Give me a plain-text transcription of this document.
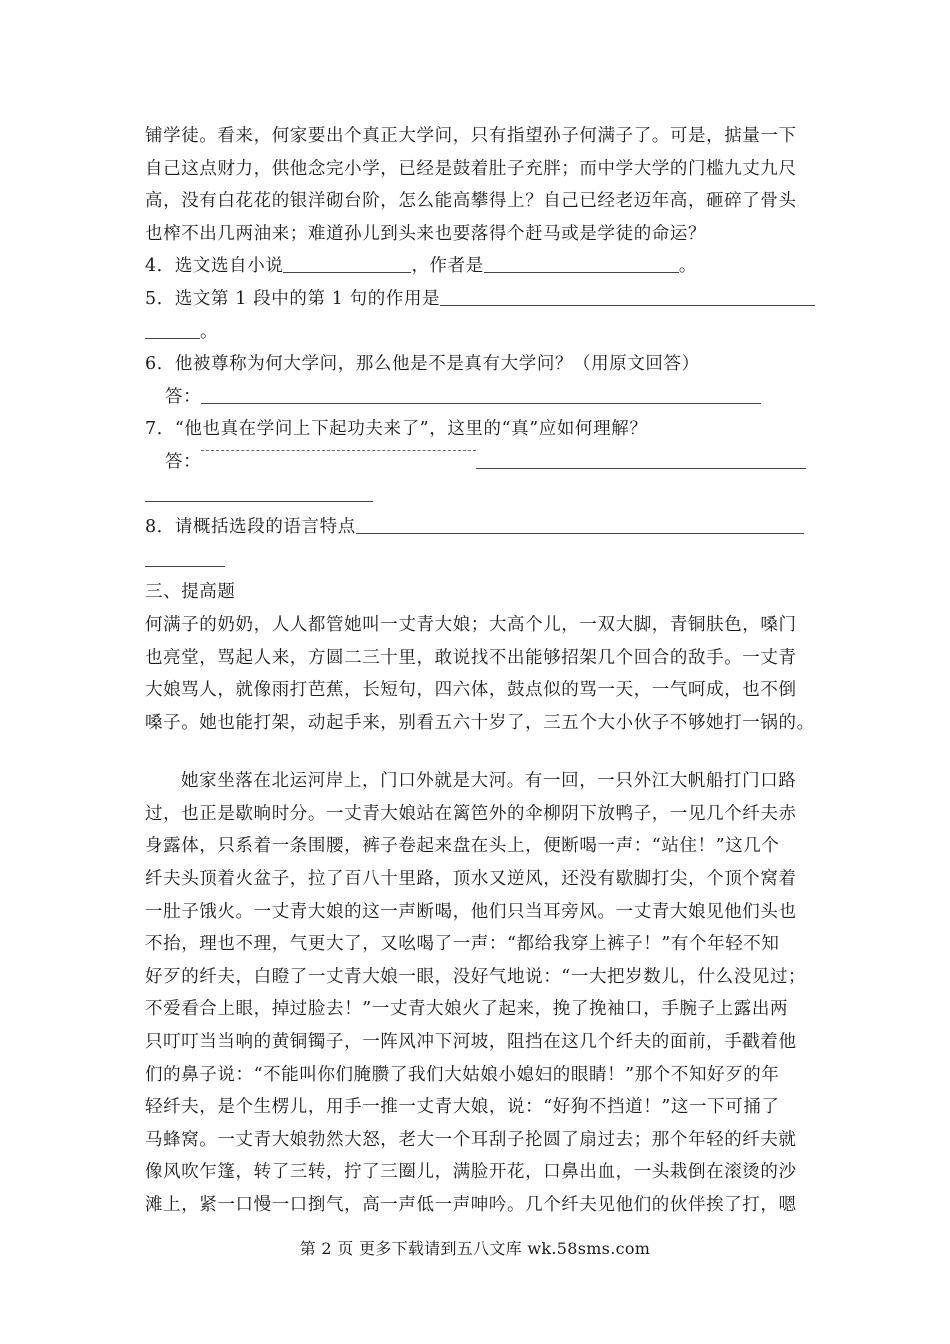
铺学徒。看来，何家要出个真正大学问，只有指望孙子何满子了。可是，掂量一下
自己这点财力，供他念完小学，已经是鼓着肚子充胖；而中学大学的门槛九丈九尺
高，没有白花花的银洋砌台阶，怎么能高攀得上？自己已经老迈年高，砸碎了骨头
也榨不出几两油来；难道孙儿到头来也要落得个赶马或是学徒的命运？
4．选文选自小说	，作者是	。
5．选文第 1 段中的第 1 句的作用是
。
6．他被尊称为何大学问，那么他是不是真有大学问？（用原文回答）
答：
7．“他也真在学问上下起功夫来了”，这里的“真”应如何理解？
答：
8．请概括选段的语言特点
三、提高题
何满子的奶奶，人人都管她叫一丈青大娘；大高个儿，一双大脚，青铜肤色，嗓门
也亮堂，骂起人来，方圆二三十里，敢说找不出能够招架几个回合的敌手。一丈青
大娘骂人，就像雨打芭蕉，长短句，四六体，鼓点似的骂一天，一气呵成，也不倒
嗓子。她也能打架，动起手来，别看五六十岁了，三五个大小伙子不够她打一锅的。
她家坐落在北运河岸上，门口外就是大河。有一回，一只外江大帆船打门口路
过，也正是歇晌时分。一丈青大娘站在篱笆外的伞柳阴下放鸭子，一见几个纤夫赤
身露体，只系着一条围腰，裤子卷起来盘在头上，便断喝一声：“站住！”这几个
纤夫头顶着火盆子，拉了百八十里路，顶水又逆风，还没有歇脚打尖，个顶个窝着
一肚子饿火。一丈青大娘的这一声断喝，他们只当耳旁风。一丈青大娘见他们头也
不抬，理也不理，气更大了，又吆喝了一声：“都给我穿上裤子！”有个年轻不知
好歹的纤夫，白瞪了一丈青大娘一眼，没好气地说：“一大把岁数儿，什么没见过；
不爱看合上眼，掉过脸去！”一丈青大娘火了起来，挽了挽袖口，手腕子上露出两
只叮叮当当响的黄铜镯子，一阵风冲下河坡，阻挡在这几个纤夫的面前，手戳着他
们的鼻子说：“不能叫你们腌臜了我们大姑娘小媳妇的眼睛！”那个不知好歹的年
轻纤夫，是个生楞儿，用手一推一丈青大娘，说：“好狗不挡道！”这一下可捅了
马蜂窝。一丈青大娘勃然大怒，老大一个耳刮子抡圆了扇过去；那个年轻的纤夫就
像风吹乍篷，转了三转，拧了三圈儿，满脸开花，口鼻出血，一头栽倒在滚烫的沙
滩上，紧一口慢一口捯气，高一声低一声呻吟。几个纤夫见他们的伙伴挨了打，嗯
第 2 页 更多下载请到五八文库 wk.58sms.com
